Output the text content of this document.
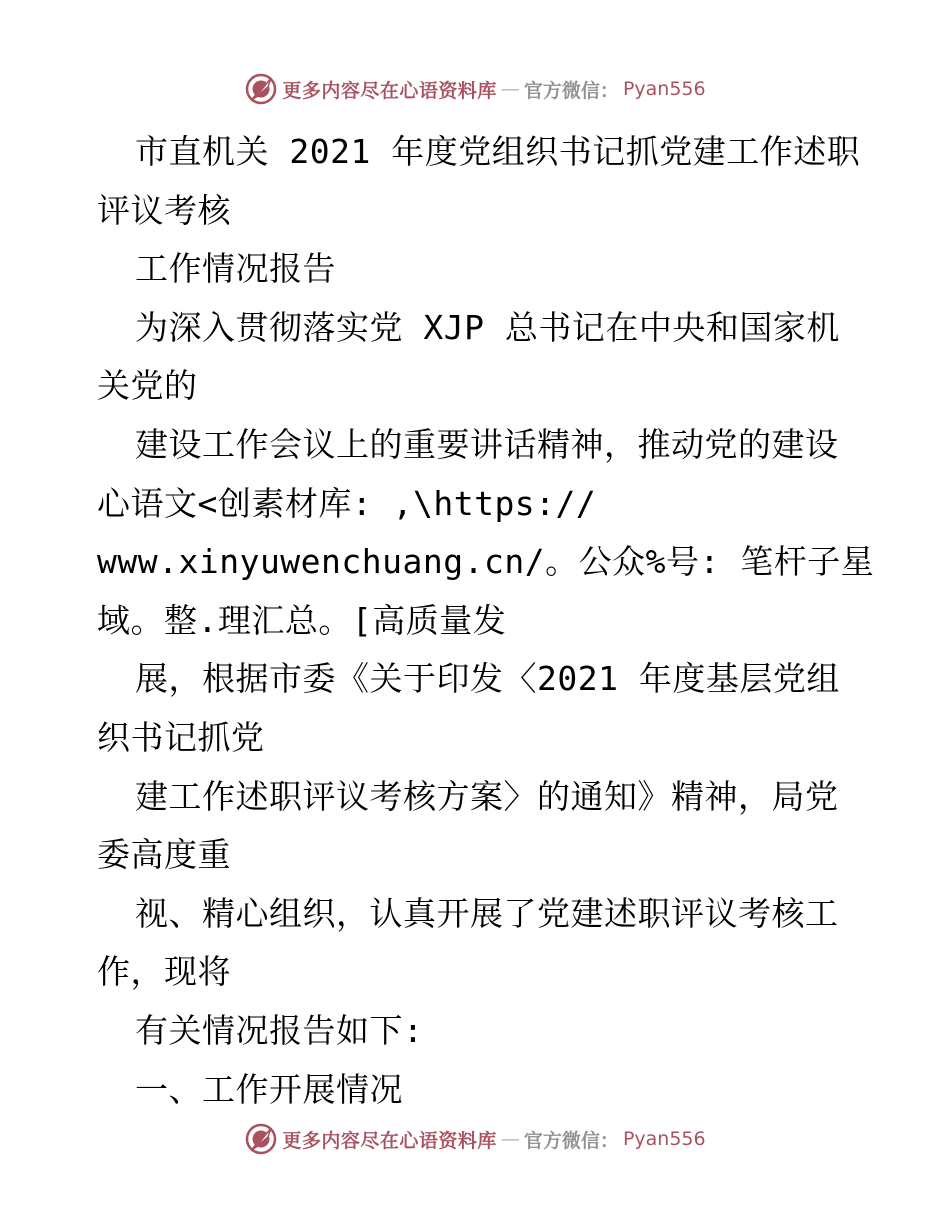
更多内容尽在心语资料库 — 官方微信： Pyan556
市直机关 2021 年度党组织书记抓党建工作述职
评议考核
工作情况报告
为深入贯彻落实党 XJP 总书记在中央和国家机
关党的
建设工作会议上的重要讲话精神，推动党的建设
心语文<创素材库: ,\https://
www.xinyuwenchuang.cn/。公众%号: 笔杆子星
域。整.理汇总。[高质量发
展，根据市委《关于印发〈2021 年度基层党组
织书记抓党
建工作述职评议考核方案〉的通知》精神，局党
委高度重
视、精心组织，认真开展了党建述职评议考核工
作，现将
有关情况报告如下:
一、工作开展情况
更多内容尽在心语资料库 — 官方微信： Pyan556
